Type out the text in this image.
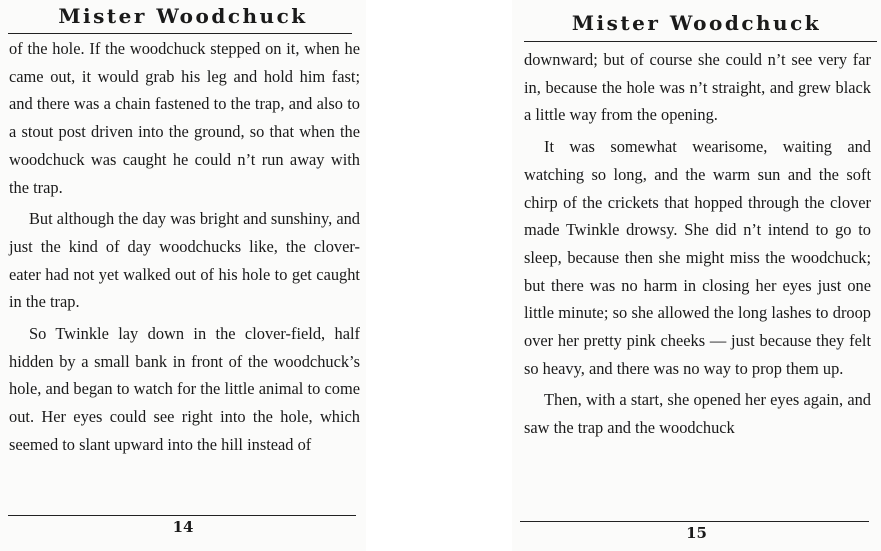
Mister Woodchuck

of the hole. If the woodchuck stepped on it, when he came out, it would grab his leg and hold him fast; and there was a chain fastened to the trap, and also to a stout post driven into the ground, so that when the woodchuck was caught he could n’t run away with the trap.

But although the day was bright and sunshiny, and just the kind of day woodchucks like, the clover-eater had not yet walked out of his hole to get caught in the trap.

So Twinkle lay down in the clover-field, half hidden by a small bank in front of the woodchuck’s hole, and began to watch for the little animal to come out. Her eyes could see right into the hole, which seemed to slant upward into the hill instead of

14
Mister Woodchuck

downward; but of course she could n’t see very far in, because the hole was n’t straight, and grew black a little way from the opening.

It was somewhat wearisome, waiting and watching so long, and the warm sun and the soft chirp of the crickets that hopped through the clover made Twinkle drowsy. She did n’t intend to go to sleep, because then she might miss the woodchuck; but there was no harm in closing her eyes just one little minute; so she allowed the long lashes to droop over her pretty pink cheeks — just because they felt so heavy, and there was no way to prop them up.

Then, with a start, she opened her eyes again, and saw the trap and the woodchuck

15
